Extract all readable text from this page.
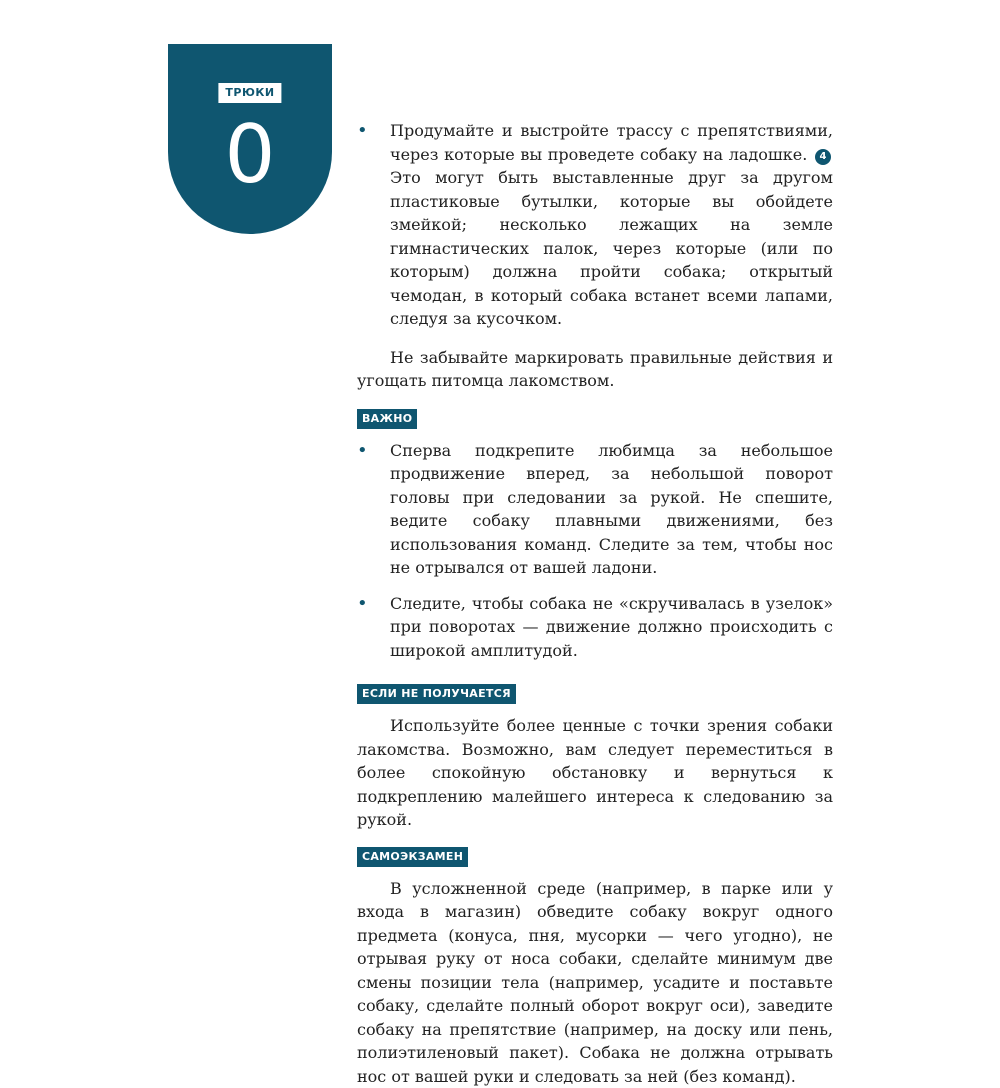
ТРЮКИ
0	• Продумайте и выстройте трассу с препятствиями, через которые вы проведете собаку на ладошке. 4 Это могут быть выставленные друг за другом пластиковые бутылки, которые вы обойдете змейкой; несколько лежащих на земле гимнастических палок, через которые (или по которым) должна пройти собака; открытый чемодан, в который собака встанет всеми лапами, следуя за кусочком.

Не забывайте маркировать правильные действия и угощать питомца лакомством.

ВАЖНО

• Сперва подкрепите любимца за небольшое продвижение вперед, за небольшой поворот головы при следовании за рукой. Не спешите, ведите собаку плавными движениями, без использования команд. Следите за тем, чтобы нос не отрывался от вашей ладони.

• Следите, чтобы собака не «скручивалась в узелок» при поворотах — движение должно происходить с широкой амплитудой.

ЕСЛИ НЕ ПОЛУЧАЕТСЯ

Используйте более ценные с точки зрения собаки лакомства. Возможно, вам следует переместиться в более спокойную обстановку и вернуться к подкреплению малейшего интереса к следованию за рукой.

САМОЭКЗАМЕН

В усложненной среде (например, в парке или у входа в магазин) обведите собаку вокруг одного предмета (конуса, пня, мусорки — чего угодно), не отрывая руку от носа собаки, сделайте минимум две смены позиции тела (например, усадите и поставьте собаку, сделайте полный оборот вокруг оси), заведите собаку на препятствие (например, на доску или пень, полиэтиленовый пакет). Собака не должна отрывать нос от вашей руки и следовать за ней (без команд).
